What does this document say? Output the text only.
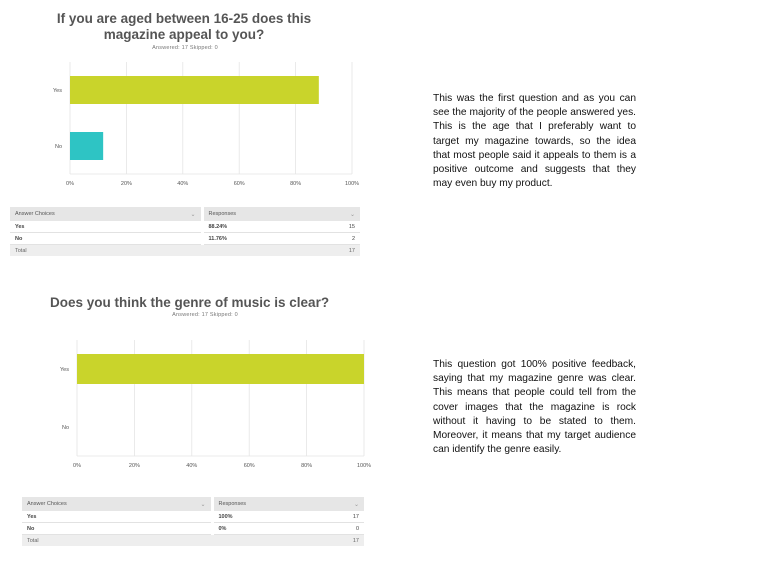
If you are aged between 16-25 does this magazine appeal to you?

Answered: 17 Skipped: 0

0%	20%	40%	60%	80%	100%
Yes
No
Answer Choices ⌄	Responses ⌄	

Yes	88.24%	15
No	11.76%	2
Total		17

This was the first question and as you can see the majority of the people answered yes. This is the age that I preferably want to target my magazine towards, so the idea that most people said it appeals to them is a positive outcome and suggests that they may even buy my product.

Does you think the genre of music is clear?

Answered: 17 Skipped: 0

0%	20%	40%	60%	80%	100%
Yes
No
Answer Choices ⌄	Responses ⌄	

Yes	100%	17
No	0%	0
Total		17

This question got 100% positive feedback, saying that my magazine genre was clear. This means that people could tell from the cover images that the magazine is rock without it having to be stated to them. Moreover, it means that my target audience can identify the genre easily.
